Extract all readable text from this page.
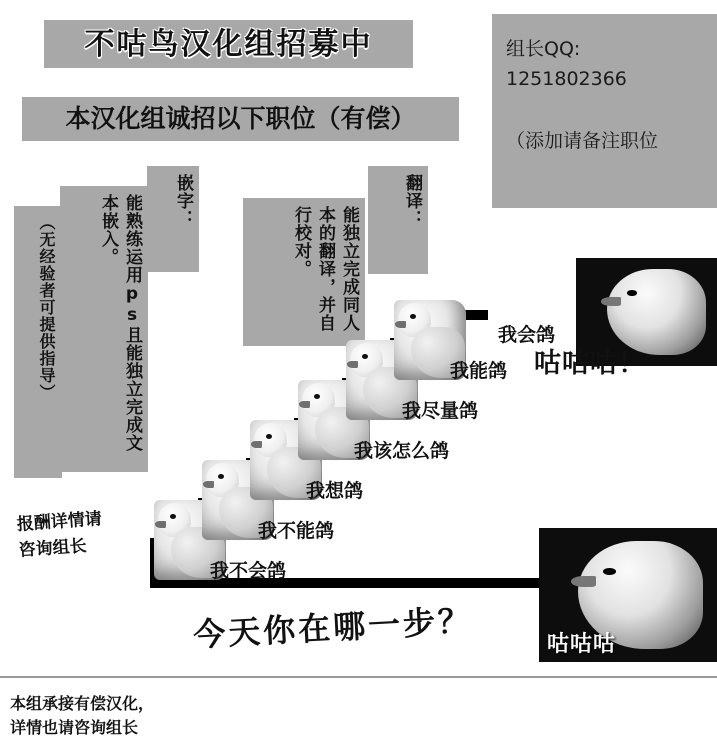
不咕鸟汉化组招募中
本汉化组诚招以下职位（有偿）
组长QQ:
1251802366
（添加请备注职位
翻译：
能独立完成同人本的翻译，并自行校对。
嵌字：
能熟练运用ps且能独立完成文本嵌入。
（无经验者可提供指导）
报酬详情请
咨询组长
我不会鸽
我不能鸽
我想鸽
我该怎么鸽
我尽量鸽
我能鸽
我会鸽
咕咕咕！
咕咕咕
今天你在哪一步？
本组承接有偿汉化，
详情也请咨询组长
